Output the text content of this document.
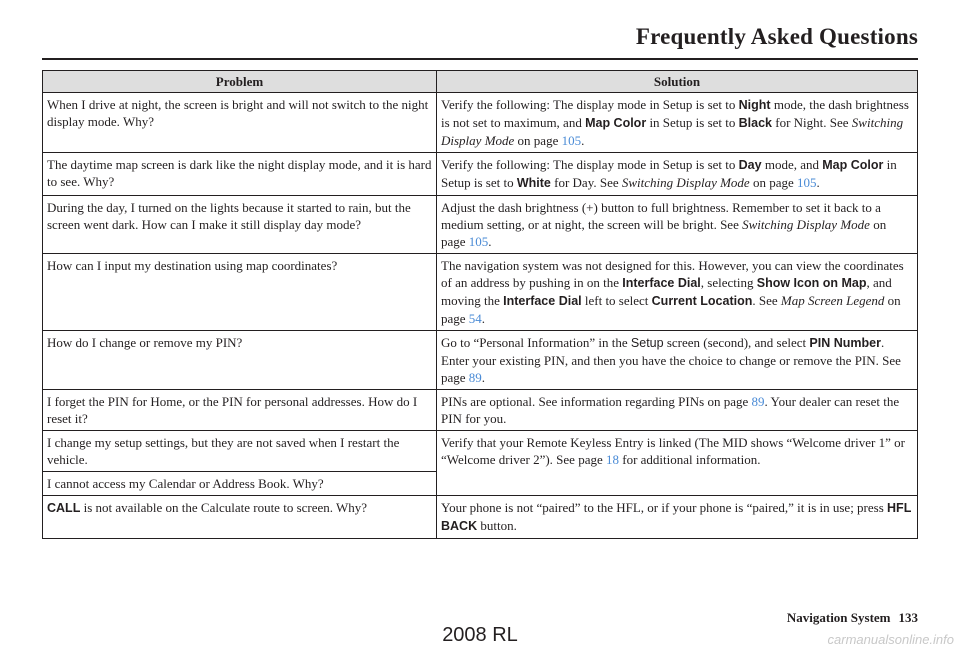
Frequently Asked Questions
Problem	Solution
When I drive at night, the screen is bright and will not switch to the night display mode. Why?	Verify the following: The display mode in Setup is set to Night mode, the dash brightness is not set to maximum, and Map Color in Setup is set to Black for Night. See Switching Display Mode on page 105.
The daytime map screen is dark like the night display mode, and it is hard to see. Why?	Verify the following: The display mode in Setup is set to Day mode, and Map Color in Setup is set to White for Day. See Switching Display Mode on page 105.
During the day, I turned on the lights because it started to rain, but the screen went dark. How can I make it still display day mode?	Adjust the dash brightness (+) button to full brightness. Remember to set it back to a medium setting, or at night, the screen will be bright. See Switching Display Mode on page 105.
How can I input my destination using map coordinates?	The navigation system was not designed for this. However, you can view the coordinates of an address by pushing in on the Interface Dial, selecting Show Icon on Map, and moving the Interface Dial left to select Current Location. See Map Screen Legend on page 54.
How do I change or remove my PIN?	Go to “Personal Information” in the Setup screen (second), and select PIN Number. Enter your existing PIN, and then you have the choice to change or remove the PIN. See page 89.
I forget the PIN for Home, or the PIN for personal addresses. How do I reset it?	PINs are optional. See information regarding PINs on page 89. Your dealer can reset the PIN for you.
I change my setup settings, but they are not saved when I restart the vehicle.	Verify that your Remote Keyless Entry is linked (The MID shows “Welcome driver 1” or “Welcome driver 2”). See page 18 for additional information.
I cannot access my Calendar or Address Book. Why?	
CALL is not available on the Calculate route to screen. Why?	Your phone is not “paired” to the HFL, or if your phone is “paired,” it is in use; press HFL BACK button.
Navigation System 133
2008 RL	carmanualsonline.info
